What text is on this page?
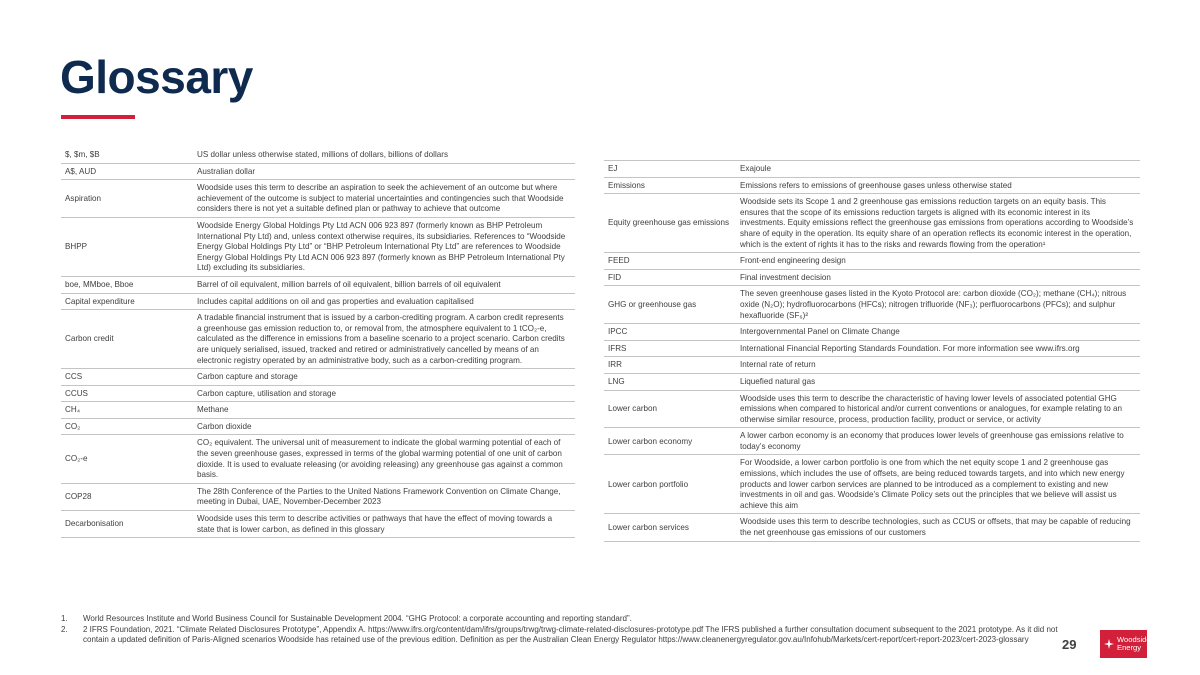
Glossary
$, $m, $B	US dollar unless otherwise stated, millions of dollars, billions of dollars
A$, AUD	Australian dollar
Aspiration	Woodside uses this term to describe an aspiration to seek the achievement of an outcome but where achievement of the outcome is subject to material uncertainties and contingencies such that Woodside considers there is not yet a suitable defined plan or pathway to achieve that outcome
BHPP	Woodside Energy Global Holdings Pty Ltd ACN 006 923 897 (formerly known as BHP Petroleum International Pty Ltd) and, unless context otherwise requires, its subsidiaries. References to “Woodside Energy Global Holdings Pty Ltd” or “BHP Petroleum International Pty Ltd” are references to Woodside Energy Global Holdings Pty Ltd ACN 006 923 897 (formerly known as BHP Petroleum International Pty Ltd) excluding its subsidiaries.
boe, MMboe, Bboe	Barrel of oil equivalent, million barrels of oil equivalent, billion barrels of oil equivalent
Capital expenditure	Includes capital additions on oil and gas properties and evaluation capitalised
Carbon credit	A tradable financial instrument that is issued by a carbon-crediting program. A carbon credit represents a greenhouse gas emission reduction to, or removal from, the atmosphere equivalent to 1 tCO₂-e, calculated as the difference in emissions from a baseline scenario to a project scenario. Carbon credits are uniquely serialised, issued, tracked and retired or administratively cancelled by means of an electronic registry operated by an administrative body, such as a carbon-crediting program.
CCS	Carbon capture and storage
CCUS	Carbon capture, utilisation and storage
CH₄	Methane
CO₂	Carbon dioxide
CO₂-e	CO₂ equivalent. The universal unit of measurement to indicate the global warming potential of each of the seven greenhouse gases, expressed in terms of the global warming potential of one unit of carbon dioxide. It is used to evaluate releasing (or avoiding releasing) any greenhouse gas against a common basis.
COP28	The 28th Conference of the Parties to the United Nations Framework Convention on Climate Change, meeting in Dubai, UAE, November-December 2023
Decarbonisation	Woodside uses this term to describe activities or pathways that have the effect of moving towards a state that is lower carbon, as defined in this glossary
EJ	Exajoule
Emissions	Emissions refers to emissions of greenhouse gases unless otherwise stated
Equity greenhouse gas emissions	Woodside sets its Scope 1 and 2 greenhouse gas emissions reduction targets on an equity basis. This ensures that the scope of its emissions reduction targets is aligned with its economic interest in its investments. Equity emissions reflect the greenhouse gas emissions from operations according to Woodside’s share of equity in the operation. Its equity share of an operation reflects its economic interest in the operation, which is the extent of rights it has to the risks and rewards flowing from the operation¹
FEED	Front-end engineering design
FID	Final investment decision
GHG or greenhouse gas	The seven greenhouse gases listed in the Kyoto Protocol are: carbon dioxide (CO₂); methane (CH₄); nitrous oxide (N₂O); hydrofluorocarbons (HFCs); nitrogen trifluoride (NF₃); perfluorocarbons (PFCs); and sulphur hexafluoride (SF₆)²
IPCC	Intergovernmental Panel on Climate Change
IFRS	International Financial Reporting Standards Foundation. For more information see www.ifrs.org
IRR	Internal rate of return
LNG	Liquefied natural gas
Lower carbon	Woodside uses this term to describe the characteristic of having lower levels of associated potential GHG emissions when compared to historical and/or current conventions or analogues, for example relating to an otherwise similar resource, process, production facility, product or service, or activity
Lower carbon economy	A lower carbon economy is an economy that produces lower levels of greenhouse gas emissions relative to today’s economy
Lower carbon portfolio	For Woodside, a lower carbon portfolio is one from which the net equity scope 1 and 2 greenhouse gas emissions, which includes the use of offsets, are being reduced towards targets, and into which new energy products and lower carbon services are planned to be introduced as a complement to existing and new investments in oil and gas. Woodside’s Climate Policy sets out the principles that we believe will assist us achieve this aim
Lower carbon services	Woodside uses this term to describe technologies, such as CCUS or offsets, that may be capable of reducing the net greenhouse gas emissions of our customers
1.	World Resources Institute and World Business Council for Sustainable Development 2004. “GHG Protocol: a corporate accounting and reporting standard”.
2.	2 IFRS Foundation, 2021. “Climate Related Disclosures Prototype”, Appendix A. https://www.ifrs.org/content/dam/ifrs/groups/trwg/trwg-climate-related-disclosures-prototype.pdf The IFRS published a further consultation document subsequent to the 2021 prototype. As it did not contain a updated definition of Paris-Aligned scenarios Woodside has retained use of the previous edition. Definition as per the Australian Clean Energy Regulator https://www.cleanenergyregulator.gov.au/Infohub/Markets/cert-report/cert-report-2023/cert-2023-glossary	29	Woodside
Energy
